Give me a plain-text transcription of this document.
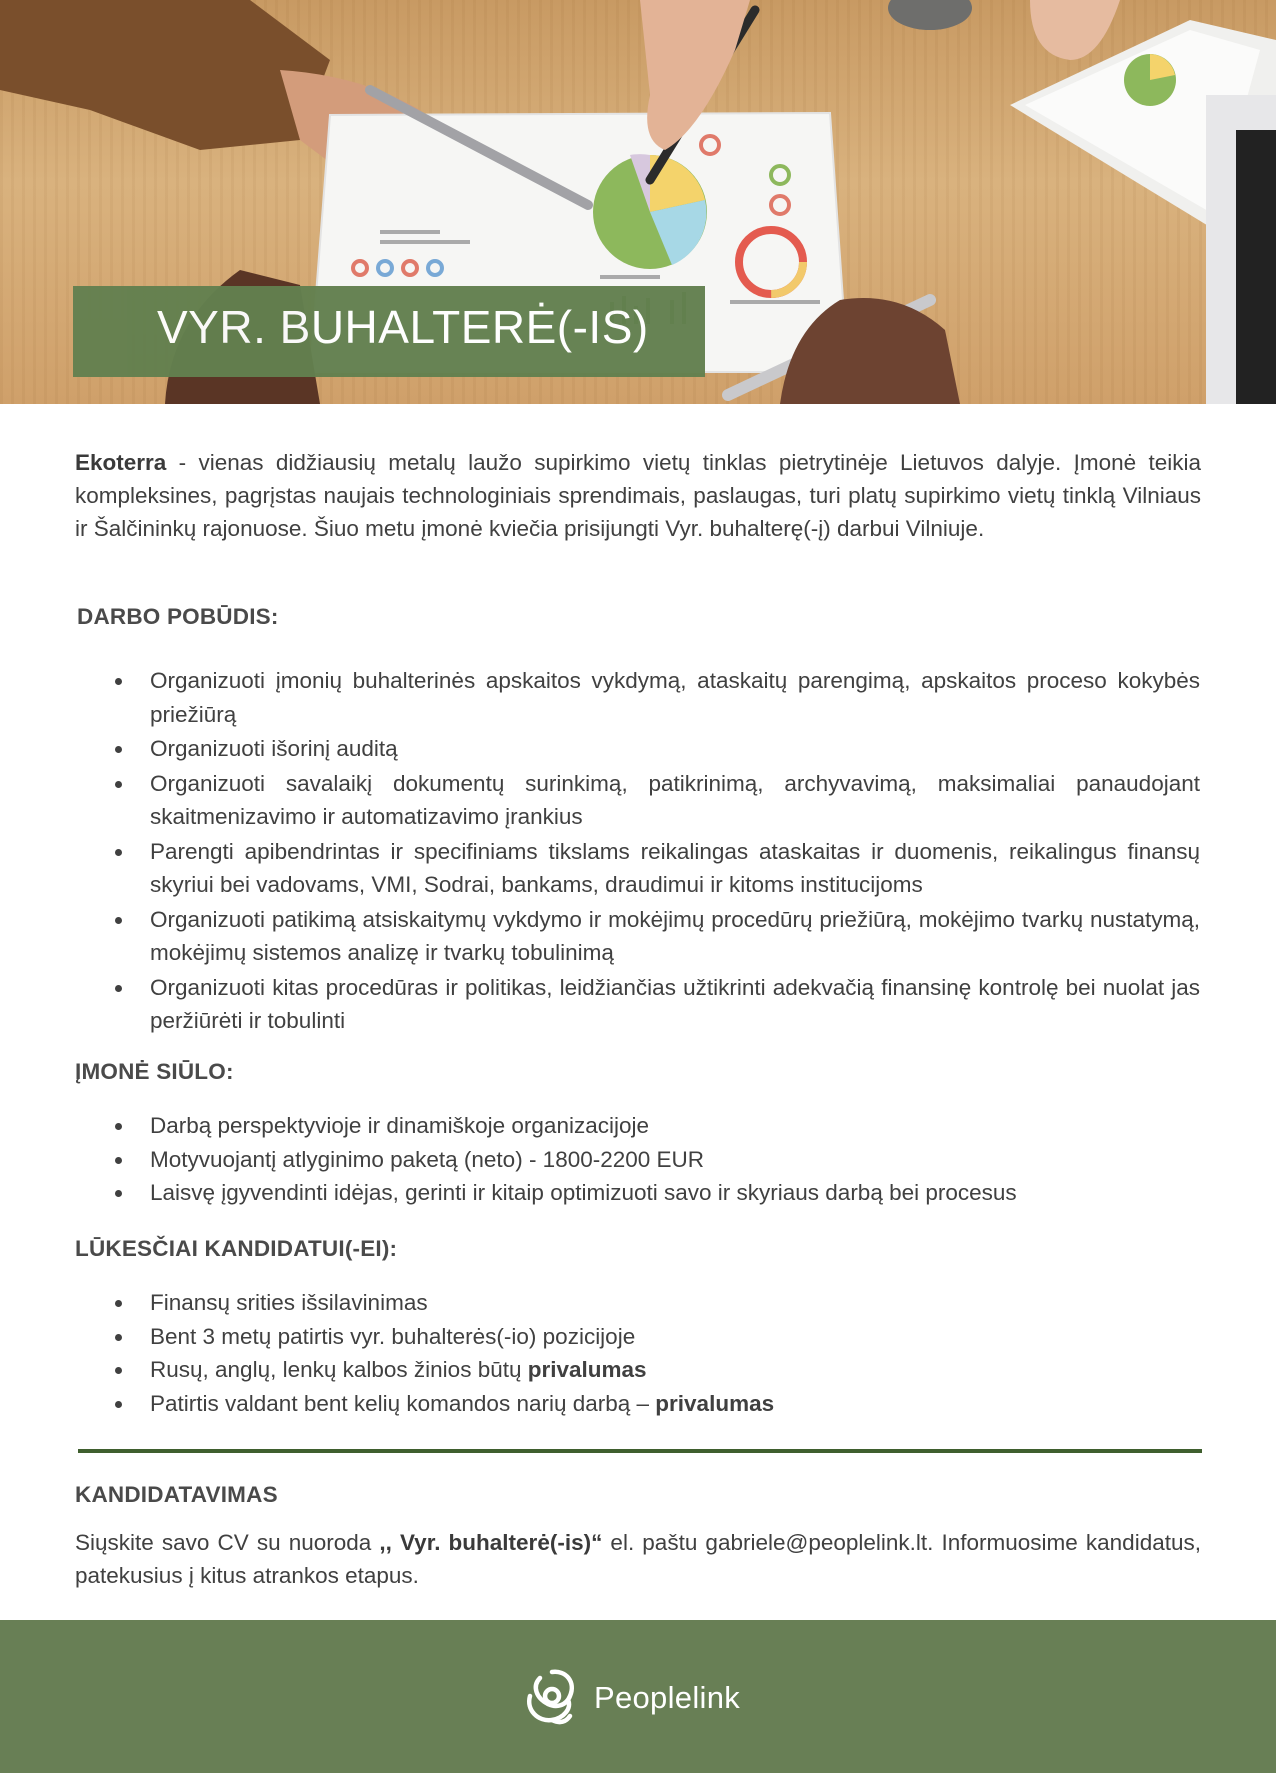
VYR. BUHALTERĖ(-IS)

Ekoterra - vienas didžiausių metalų laužo supirkimo vietų tinklas pietrytinėje Lietuvos dalyje. Įmonė teikia kompleksines, pagrįstas naujais technologiniais sprendimais, paslaugas, turi platų supirkimo vietų tinklą Vilniaus ir Šalčininkų rajonuose. Šiuo metu įmonė kviečia prisijungti Vyr. buhalterę(-į) darbui Vilniuje.

DARBO POBŪDIS:
Organizuoti įmonių buhalterinės apskaitos vykdymą, ataskaitų parengimą, apskaitos proceso kokybės priežiūrą
Organizuoti išorinį auditą
Organizuoti savalaikį dokumentų surinkimą, patikrinimą, archyvavimą, maksimaliai panaudojant skaitmenizavimo ir automatizavimo įrankius
Parengti apibendrintas ir specifiniams tikslams reikalingas ataskaitas ir duomenis, reikalingus finansų skyriui bei vadovams, VMI, Sodrai, bankams, draudimui ir kitoms institucijoms
Organizuoti patikimą atsiskaitymų vykdymo ir mokėjimų procedūrų priežiūrą, mokėjimo tvarkų nustatymą, mokėjimų sistemos analizę ir tvarkų tobulinimą
Organizuoti kitas procedūras ir politikas, leidžiančias užtikrinti adekvačią finansinę kontrolę bei nuolat jas peržiūrėti ir tobulinti
ĮMONĖ SIŪLO:
Darbą perspektyvioje ir dinamiškoje organizacijoje
Motyvuojantį atlyginimo paketą (neto) - 1800-2200 EUR
Laisvę įgyvendinti idėjas, gerinti ir kitaip optimizuoti savo ir skyriaus darbą bei procesus
LŪKESČIAI KANDIDATUI(-EI):
Finansų srities išsilavinimas
Bent 3 metų patirtis vyr. buhalterės(-io) pozicijoje
Rusų, anglų, lenkų kalbos žinios būtų privalumas
Patirtis valdant bent kelių komandos narių darbą – privalumas
KANDIDATAVIMAS

Siųskite savo CV su nuoroda ,, Vyr. buhalterė(-is)“ el. paštu gabriele@peoplelink.lt. Informuosime kandidatus, patekusius į kitus atrankos etapus.

Peoplelink
